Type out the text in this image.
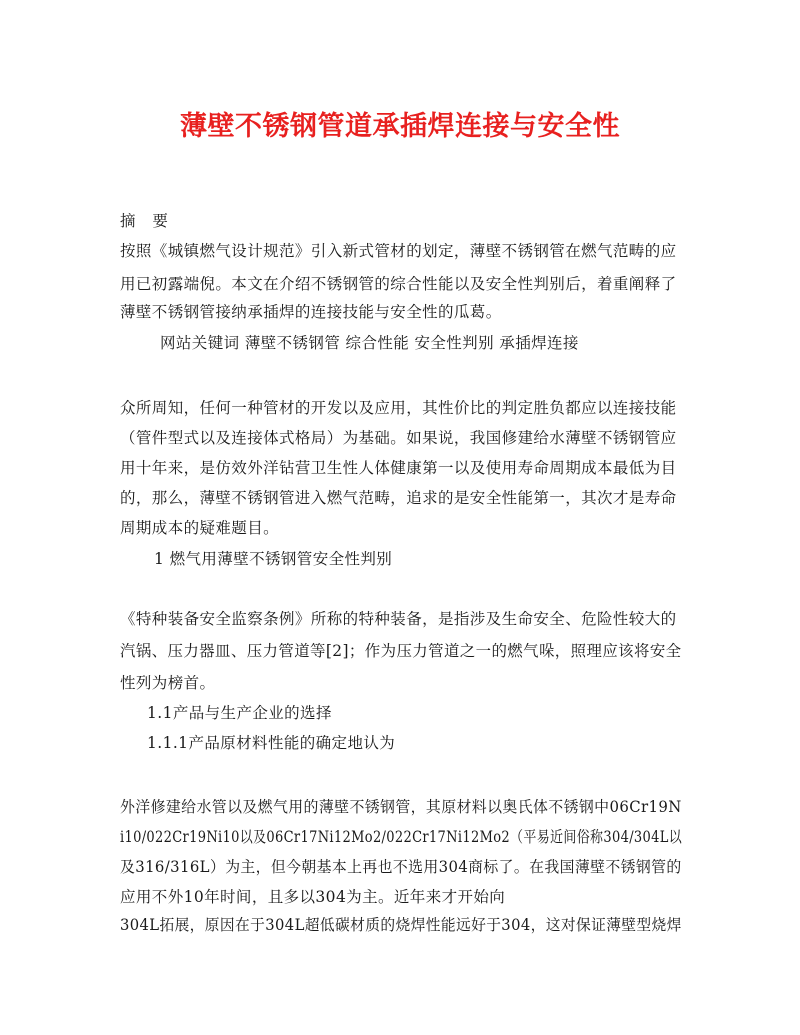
薄壁不锈钢管道承插焊连接与安全性
摘 要
按照《城镇燃气设计规范》引入新式管材的划定，薄壁不锈钢管在燃气范畴的应
用已初露端倪。本文在介绍不锈钢管的综合性能以及安全性判别后，着重阐释了
薄壁不锈钢管接纳承插焊的连接技能与安全性的瓜葛。
网站关键词 薄壁不锈钢管 综合性能 安全性判别 承插焊连接
众所周知，任何一种管材的开发以及应用，其性价比的判定胜负都应以连接技能
（管件型式以及连接体式格局）为基础。如果说，我国修建给水薄壁不锈钢管应
用十年来，是仿效外洋钻营卫生性人体健康第一以及使用寿命周期成本最低为目
的，那么，薄壁不锈钢管进入燃气范畴，追求的是安全性能第一，其次才是寿命
周期成本的疑难题目。
1 燃气用薄壁不锈钢管安全性判别
《特种装备安全监察条例》所称的特种装备，是指涉及生命安全、危险性较大的
汽锅、压力器皿、压力管道等[2]；作为压力管道之一的燃气哚，照理应该将安全
性列为榜首。
1.1产品与生产企业的选择
1.1.1产品原材料性能的确定地认为
外洋修建给水管以及燃气用的薄壁不锈钢管，其原材料以奥氏体不锈钢中06Cr19N
i10/022Cr19Ni10以及06Cr17Ni12Mo2/022Cr17Ni12Mo2（平易近间俗称304/304L以
及316/316L）为主，但今朝基本上再也不选用304商标了。在我国薄壁不锈钢管的
应用不外10年时间，且多以304为主。近年来才开始向
304L拓展，原因在于304L超低碳材质的烧焊性能远好于304，这对保证薄壁型烧焊
